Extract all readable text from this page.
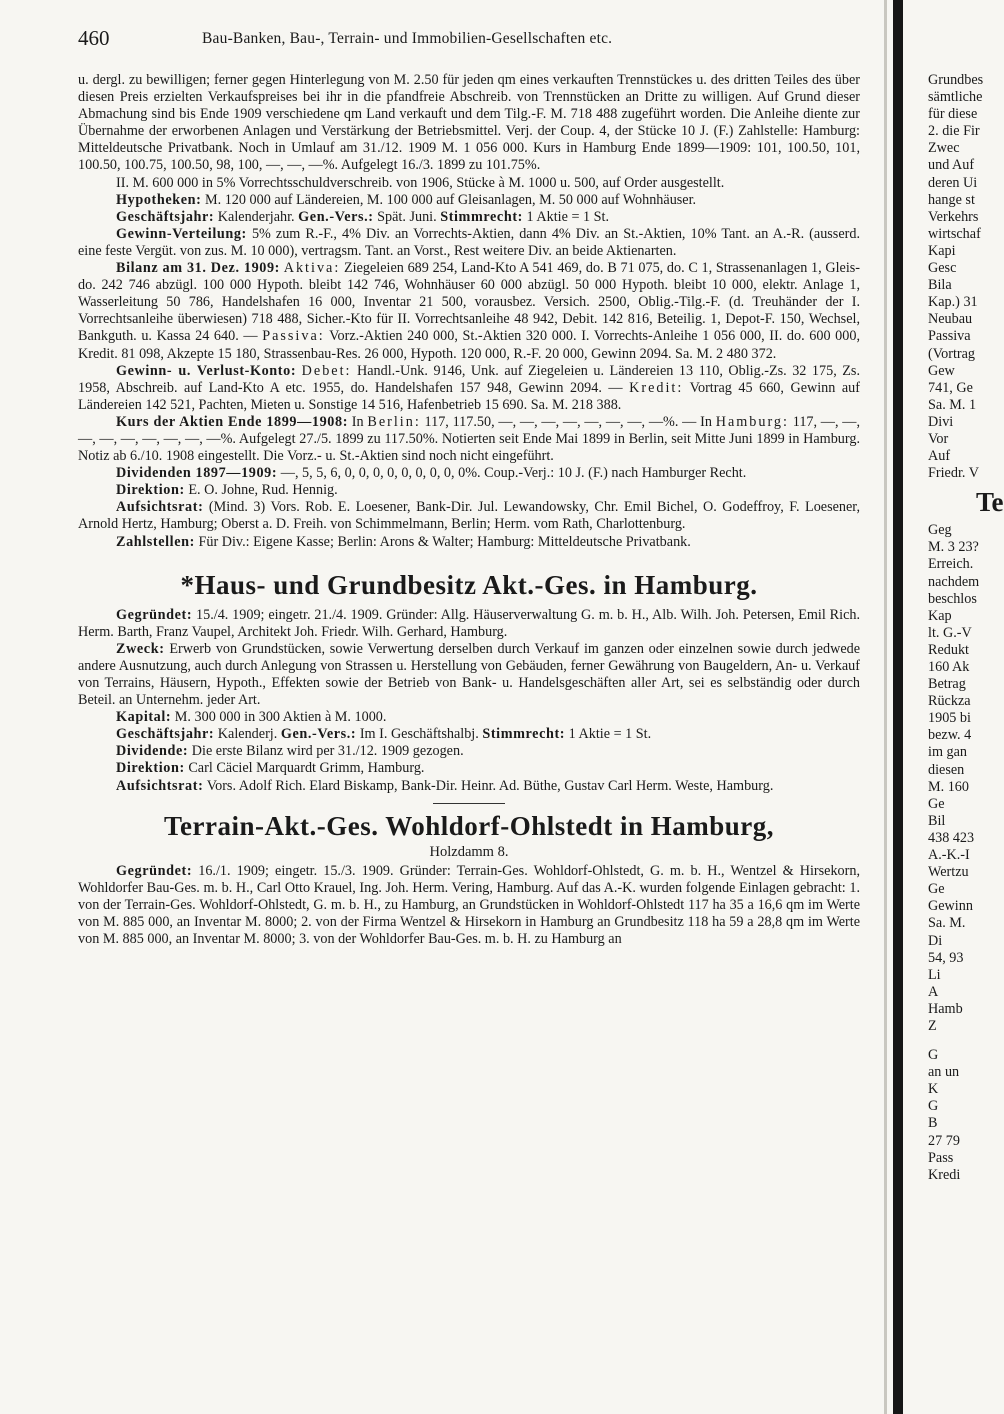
460	Bau-Banken, Bau-, Terrain- und Immobilien-Gesellschaften etc.

u. dergl. zu bewilligen; ferner gegen Hinterlegung von M. 2.50 für jeden qm eines verkauften Trennstückes u. des dritten Teiles des über diesen Preis erzielten Verkaufspreises bei ihr in die pfandfreie Abschreib. von Trennstücken an Dritte zu willigen. Auf Grund dieser Abmachung sind bis Ende 1909 verschiedene qm Land verkauft und dem Tilg.-F. M. 718 488 zugeführt worden. Die Anleihe diente zur Übernahme der erworbenen Anlagen und Verstärkung der Betriebsmittel. Verj. der Coup. 4, der Stücke 10 J. (F.) Zahlstelle: Hamburg: Mitteldeutsche Privatbank. Noch in Umlauf am 31./12. 1909 M. 1 056 000. Kurs in Hamburg Ende 1899—1909: 101, 100.50, 101, 100.50, 100.75, 100.50, 98, 100, —, —, —%. Aufgelegt 16./3. 1899 zu 101.75%.

II. M. 600 000 in 5% Vorrechtsschuldverschreib. von 1906, Stücke à M. 1000 u. 500, auf Order ausgestellt.

Hypotheken: M. 120 000 auf Ländereien, M. 100 000 auf Gleisanlagen, M. 50 000 auf Wohnhäuser.

Geschäftsjahr: Kalenderjahr. Gen.-Vers.: Spät. Juni. Stimmrecht: 1 Aktie = 1 St.

Gewinn-Verteilung: 5% zum R.-F., 4% Div. an Vorrechts-Aktien, dann 4% Div. an St.-Aktien, 10% Tant. an A.-R. (ausserd. eine feste Vergüt. von zus. M. 10 000), vertragsm. Tant. an Vorst., Rest weitere Div. an beide Aktienarten.

Bilanz am 31. Dez. 1909: Aktiva: Ziegeleien 689 254, Land-Kto A 541 469, do. B 71 075, do. C 1, Strassenanlagen 1, Gleis- do. 242 746 abzügl. 100 000 Hypoth. bleibt 142 746, Wohnhäuser 60 000 abzügl. 50 000 Hypoth. bleibt 10 000, elektr. Anlage 1, Wasserleitung 50 786, Handelshafen 16 000, Inventar 21 500, vorausbez. Versich. 2500, Oblig.-Tilg.-F. (d. Treuhänder der I. Vorrechtsanleihe überwiesen) 718 488, Sicher.-Kto für II. Vorrechtsanleihe 48 942, Debit. 142 816, Beteilig. 1, Depot-F. 150, Wechsel, Bankguth. u. Kassa 24 640. — Passiva: Vorz.-Aktien 240 000, St.-Aktien 320 000. I. Vorrechts-Anleihe 1 056 000, II. do. 600 000, Kredit. 81 098, Akzepte 15 180, Strassenbau-Res. 26 000, Hypoth. 120 000, R.-F. 20 000, Gewinn 2094. Sa. M. 2 480 372.

Gewinn- u. Verlust-Konto: Debet: Handl.-Unk. 9146, Unk. auf Ziegeleien u. Ländereien 13 110, Oblig.-Zs. 32 175, Zs. 1958, Abschreib. auf Land-Kto A etc. 1955, do. Handelshafen 157 948, Gewinn 2094. — Kredit: Vortrag 45 660, Gewinn auf Ländereien 142 521, Pachten, Mieten u. Sonstige 14 516, Hafenbetrieb 15 690. Sa. M. 218 388.

Kurs der Aktien Ende 1899—1908: In Berlin: 117, 117.50, —, —, —, —, —, —, —, —%. — In Hamburg: 117, —, —, —, —, —, —, —, —, —%. Aufgelegt 27./5. 1899 zu 117.50%. Notierten seit Ende Mai 1899 in Berlin, seit Mitte Juni 1899 in Hamburg. Notiz ab 6./10. 1908 eingestellt. Die Vorz.- u. St.-Aktien sind noch nicht eingeführt.

Dividenden 1897—1909: —, 5, 5, 6, 0, 0, 0, 0, 0, 0, 0, 0, 0%. Coup.-Verj.: 10 J. (F.) nach Hamburger Recht.

Direktion: E. O. Johne, Rud. Hennig.

Aufsichtsrat: (Mind. 3) Vors. Rob. E. Loesener, Bank-Dir. Jul. Lewandowsky, Chr. Emil Bichel, O. Godeffroy, F. Loesener, Arnold Hertz, Hamburg; Oberst a. D. Freih. von Schimmelmann, Berlin; Herm. vom Rath, Charlottenburg.

Zahlstellen: Für Div.: Eigene Kasse; Berlin: Arons & Walter; Hamburg: Mitteldeutsche Privatbank.

*Haus- und Grundbesitz Akt.-Ges. in Hamburg.

Gegründet: 15./4. 1909; eingetr. 21./4. 1909. Gründer: Allg. Häuserverwaltung G. m. b. H., Alb. Wilh. Joh. Petersen, Emil Rich. Herm. Barth, Franz Vaupel, Architekt Joh. Friedr. Wilh. Gerhard, Hamburg.

Zweck: Erwerb von Grundstücken, sowie Verwertung derselben durch Verkauf im ganzen oder einzelnen sowie durch jedwede andere Ausnutzung, auch durch Anlegung von Strassen u. Herstellung von Gebäuden, ferner Gewährung von Baugeldern, An- u. Verkauf von Terrains, Häusern, Hypoth., Effekten sowie der Betrieb von Bank- u. Handelsgeschäften aller Art, sei es selbständig oder durch Beteil. an Unternehm. jeder Art.

Kapital: M. 300 000 in 300 Aktien à M. 1000.

Geschäftsjahr: Kalenderj. Gen.-Vers.: Im I. Geschäftshalbj. Stimmrecht: 1 Aktie = 1 St.

Dividende: Die erste Bilanz wird per 31./12. 1909 gezogen.

Direktion: Carl Cäciel Marquardt Grimm, Hamburg.

Aufsichtsrat: Vors. Adolf Rich. Elard Biskamp, Bank-Dir. Heinr. Ad. Büthe, Gustav Carl Herm. Weste, Hamburg.

Terrain-Akt.-Ges. Wohldorf-Ohlstedt in Hamburg,
Holzdamm 8.

Gegründet: 16./1. 1909; eingetr. 15./3. 1909. Gründer: Terrain-Ges. Wohldorf-Ohlstedt, G. m. b. H., Wentzel & Hirsekorn, Wohldorfer Bau-Ges. m. b. H., Carl Otto Krauel, Ing. Joh. Herm. Vering, Hamburg. Auf das A.-K. wurden folgende Einlagen gebracht: 1. von der Terrain-Ges. Wohldorf-Ohlstedt, G. m. b. H., zu Hamburg, an Grundstücken in Wohldorf-Ohlstedt 117 ha 35 a 16,6 qm im Werte von M. 885 000, an Inventar M. 8000; 2. von der Firma Wentzel & Hirsekorn in Hamburg an Grundbesitz 118 ha 59 a 28,8 qm im Werte von M. 885 000, an Inventar M. 8000; 3. von der Wohldorfer Bau-Ges. m. b. H. zu Hamburg an

Grundbes
sämtliche
für diese
2. die Fir
Zwec
und Auf
deren Ui
hange st
Verkehrs
wirtschaf
Kapi
Gesc
Bila
Kap.) 31
Neubau
Passiva
(Vortrag
Gew
741, Ge
Sa. M. 1
Divi
Vor
Auf
Friedr. V
Te
Geg
M. 3 23?
Erreich.
nachdem
beschlos
Kap
lt. G.-V
Redukt
160 Ak
Betrag
Rückza
1905 bi
bezw. 4
im gan
diesen
M. 160
Ge
Bil
438 423
A.-K.-I
Wertzu
Ge
Gewinn
Sa. M.
Di
54, 93
Li
A
Hamb
Z
G
an un
K
G
B
27 79
Pass
Kredi
